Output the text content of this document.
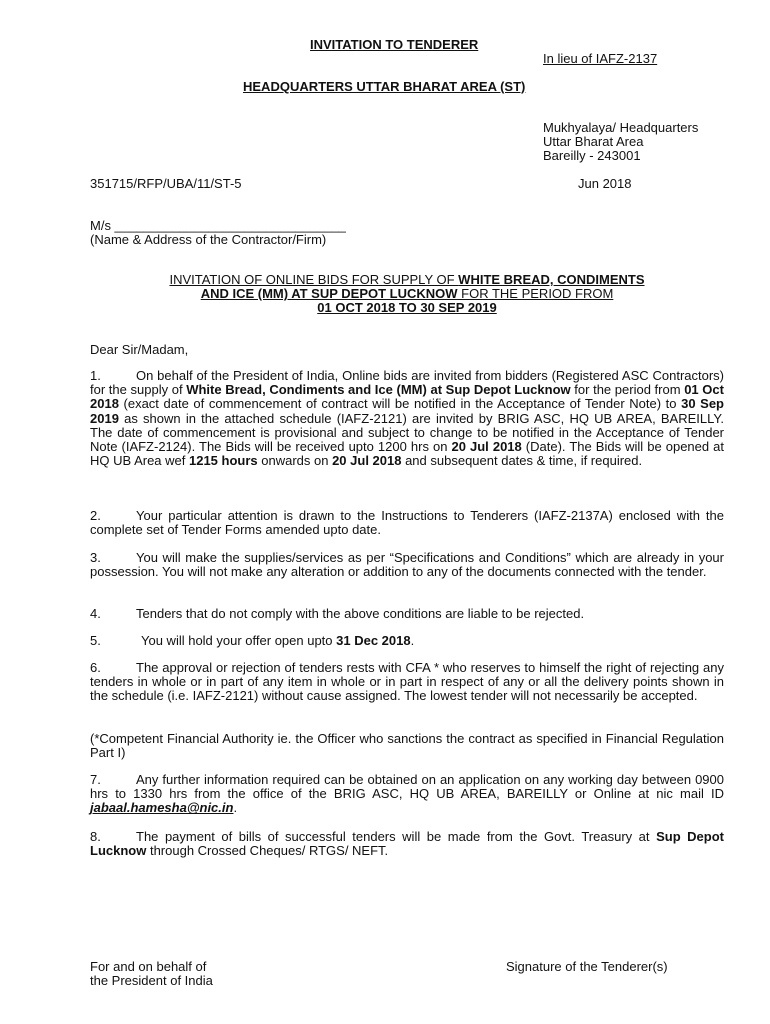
INVITATION TO TENDERER
In lieu of IAFZ-2137
HEADQUARTERS UTTAR BHARAT AREA (ST)
Mukhyalaya/ Headquarters
Uttar Bharat Area
Bareilly - 243001
351715/RFP/UBA/11/ST-5	Jun 2018
M/s ________________________________
(Name & Address of the Contractor/Firm)
INVITATION OF ONLINE BIDS FOR SUPPLY OF WHITE BREAD, CONDIMENTS
AND ICE (MM) AT SUP DEPOT LUCKNOW FOR THE PERIOD FROM
01 OCT 2018 TO 30 SEP 2019
Dear Sir/Madam,
1.	On behalf of the President of India, Online bids are invited from bidders (Registered ASC Contractors) for the supply of White Bread, Condiments and Ice (MM) at Sup Depot Lucknow for the period from 01 Oct 2018 (exact date of commencement of contract will be notified in the Acceptance of Tender Note) to 30 Sep 2019 as shown in the attached schedule (IAFZ-2121) are invited by BRIG ASC, HQ UB AREA, BAREILLY. The date of commencement is provisional and subject to change to be notified in the Acceptance of Tender Note (IAFZ-2124). The Bids will be received upto 1200 hrs on 20 Jul 2018 (Date). The Bids will be opened at HQ UB Area wef 1215 hours onwards on 20 Jul 2018 and subsequent dates & time, if required.
2.	Your particular attention is drawn to the Instructions to Tenderers (IAFZ-2137A) enclosed with the complete set of Tender Forms amended upto date.
3.	You will make the supplies/services as per “Specifications and Conditions” which are already in your possession. You will not make any alteration or addition to any of the documents connected with the tender.
4.	Tenders that do not comply with the above conditions are liable to be rejected.
5.	You will hold your offer open upto 31 Dec 2018.
6.	The approval or rejection of tenders rests with CFA * who reserves to himself the right of rejecting any tenders in whole or in part of any item in whole or in part in respect of any or all the delivery points shown in the schedule (i.e. IAFZ-2121) without cause assigned. The lowest tender will not necessarily be accepted.
(*Competent Financial Authority ie. the Officer who sanctions the contract as specified in Financial Regulation Part I)
7.	Any further information required can be obtained on an application on any working day between 0900 hrs to 1330 hrs from the office of the BRIG ASC, HQ UB AREA, BAREILLY or Online at nic mail ID jabaal.hamesha@nic.in.
8.	The payment of bills of successful tenders will be made from the Govt. Treasury at Sup Depot Lucknow through Crossed Cheques/ RTGS/ NEFT.
For and on behalf of
the President of India
Signature of the Tenderer(s)
